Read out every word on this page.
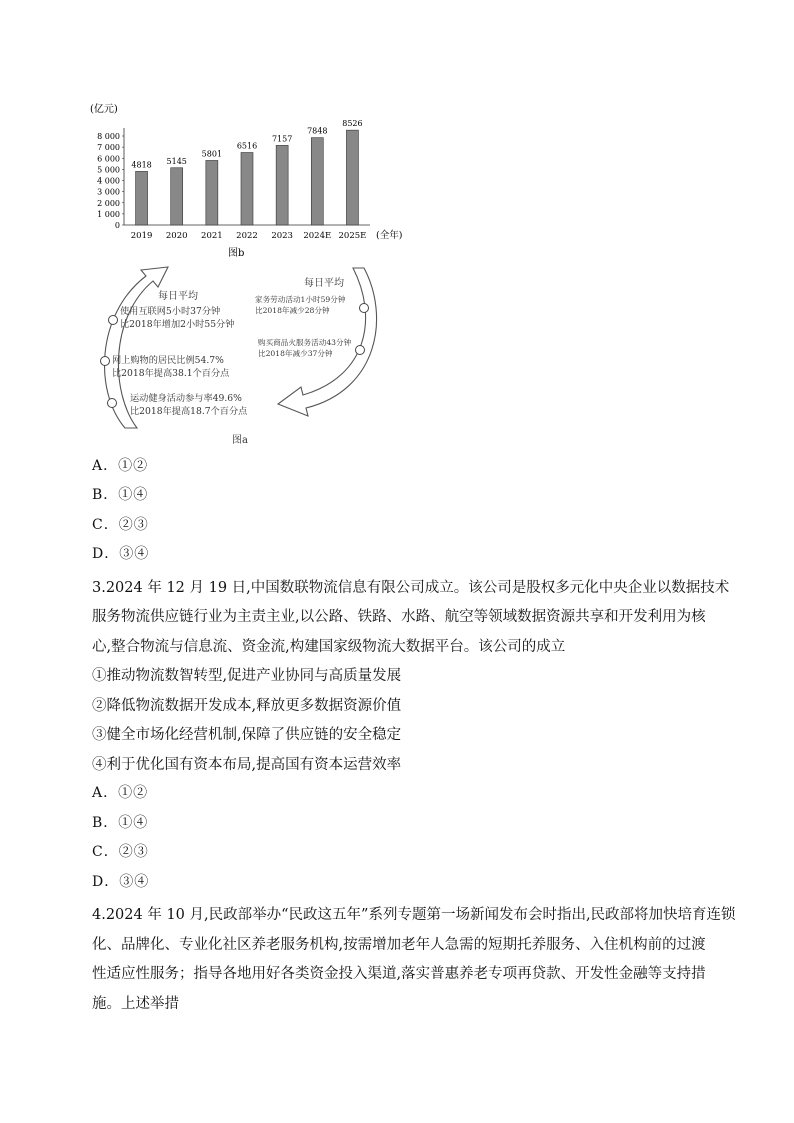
(亿元)
0
1 000
2 000
3 000
4 000
5 000
6 000
7 000
8 000
4818
2019
5145
2020
5801
2021
6516
2022
7157
2023
7848
2024E
8526
2025E (全年)
图b
每日平均
使用互联网5小时37分钟
比2018年增加2小时55分钟
网上购物的居民比例54.7%
比2018年提高38.1个百分点
运动健身活动参与率49.6%
比2018年提高18.7个百分点
每日平均
家务劳动活动1小时59分钟
比2018年减少28分钟
购买商品火服务活动43分钟
比2018年减少37分钟
图a
A．①②
B．①④
C．②③
D．③④
3.2024 年 12 月 19 日,中国数联物流信息有限公司成立。该公司是股权多元化中央企业以数据技术
服务物流供应链行业为主责主业,以公路、铁路、水路、航空等领域数据资源共享和开发利用为核
心,整合物流与信息流、资金流,构建国家级物流大数据平台。该公司的成立
①推动物流数智转型,促进产业协同与高质量发展
②降低物流数据开发成本,释放更多数据资源价值
③健全市场化经营机制,保障了供应链的安全稳定
④利于优化国有资本布局,提高国有资本运营效率
A．①②
B．①④
C．②③
D．③④
4.2024 年 10 月,民政部举办“民政这五年”系列专题第一场新闻发布会时指出,民政部将加快培育连锁
化、品牌化、专业化社区养老服务机构,按需增加老年人急需的短期托养服务、入住机构前的过渡
性适应性服务；指导各地用好各类资金投入渠道,落实普惠养老专项再贷款、开发性金融等支持措
施。上述举措
